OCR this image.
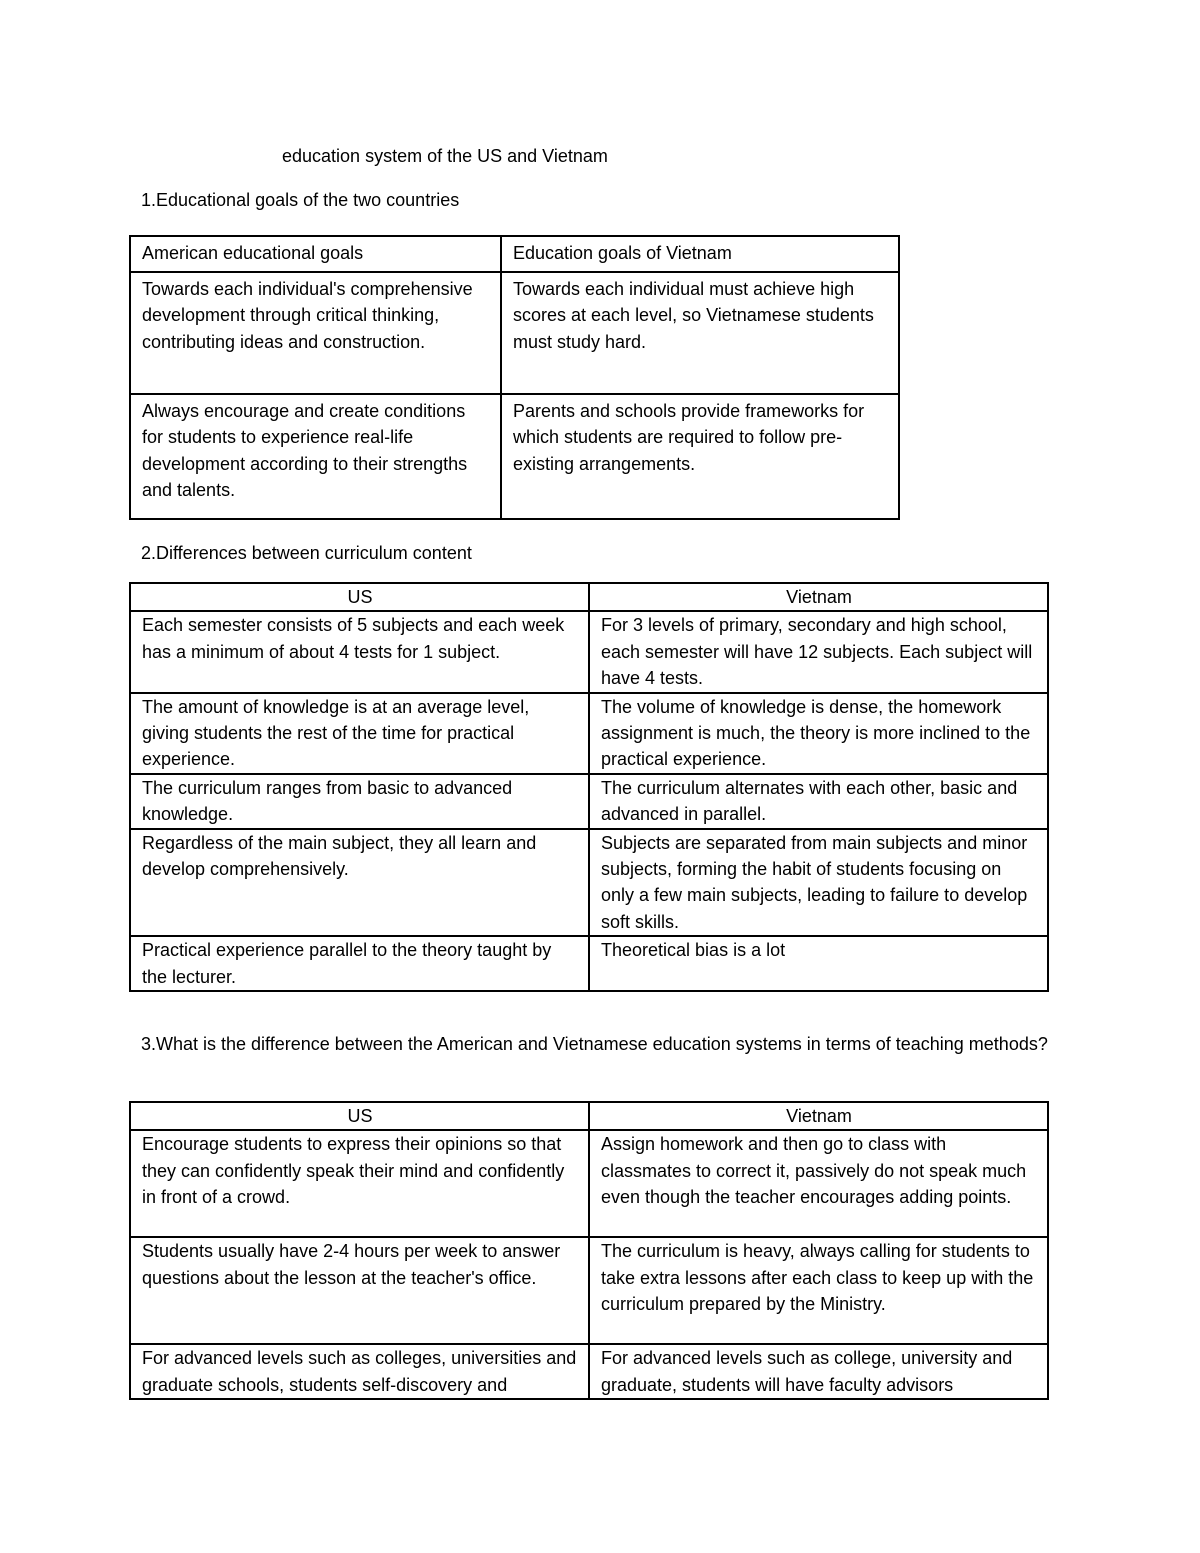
education system of the US and Vietnam
1.Educational goals of the two countries
American educational goals	Education goals of Vietnam
Towards each individual's comprehensive development through critical thinking, contributing ideas and construction.	Towards each individual must achieve high scores at each level, so Vietnamese students must study hard.
Always encourage and create conditions for students to experience real-life development according to their strengths and talents.	Parents and schools provide frameworks for which students are required to follow pre-existing arrangements.
2.Differences between curriculum content
US	Vietnam
Each semester consists of 5 subjects and each week has a minimum of about 4 tests for 1 subject.	For 3 levels of primary, secondary and high school, each semester will have 12 subjects. Each subject will have 4 tests.
The amount of knowledge is at an average level, giving students the rest of the time for practical experience.	The volume of knowledge is dense, the homework assignment is much, the theory is more inclined to the practical experience.
The curriculum ranges from basic to advanced knowledge.	The curriculum alternates with each other, basic and advanced in parallel.
Regardless of the main subject, they all learn and develop comprehensively.	Subjects are separated from main subjects and minor subjects, forming the habit of students focusing on only a few main subjects, leading to failure to develop soft skills.
Practical experience parallel to the theory taught by the lecturer.	Theoretical bias is a lot
3.What is the difference between the American and Vietnamese education systems in terms of teaching methods?
US	Vietnam
Encourage students to express their opinions so that they can confidently speak their mind and confidently in front of a crowd.	Assign homework and then go to class with classmates to correct it, passively do not speak much even though the teacher encourages adding points.
Students usually have 2-4 hours per week to answer questions about the lesson at the teacher's office.	The curriculum is heavy, always calling for students to take extra lessons after each class to keep up with the curriculum prepared by the Ministry.
For advanced levels such as colleges, universities and graduate schools, students self-discovery and	For advanced levels such as college, university and graduate, students will have faculty advisors
